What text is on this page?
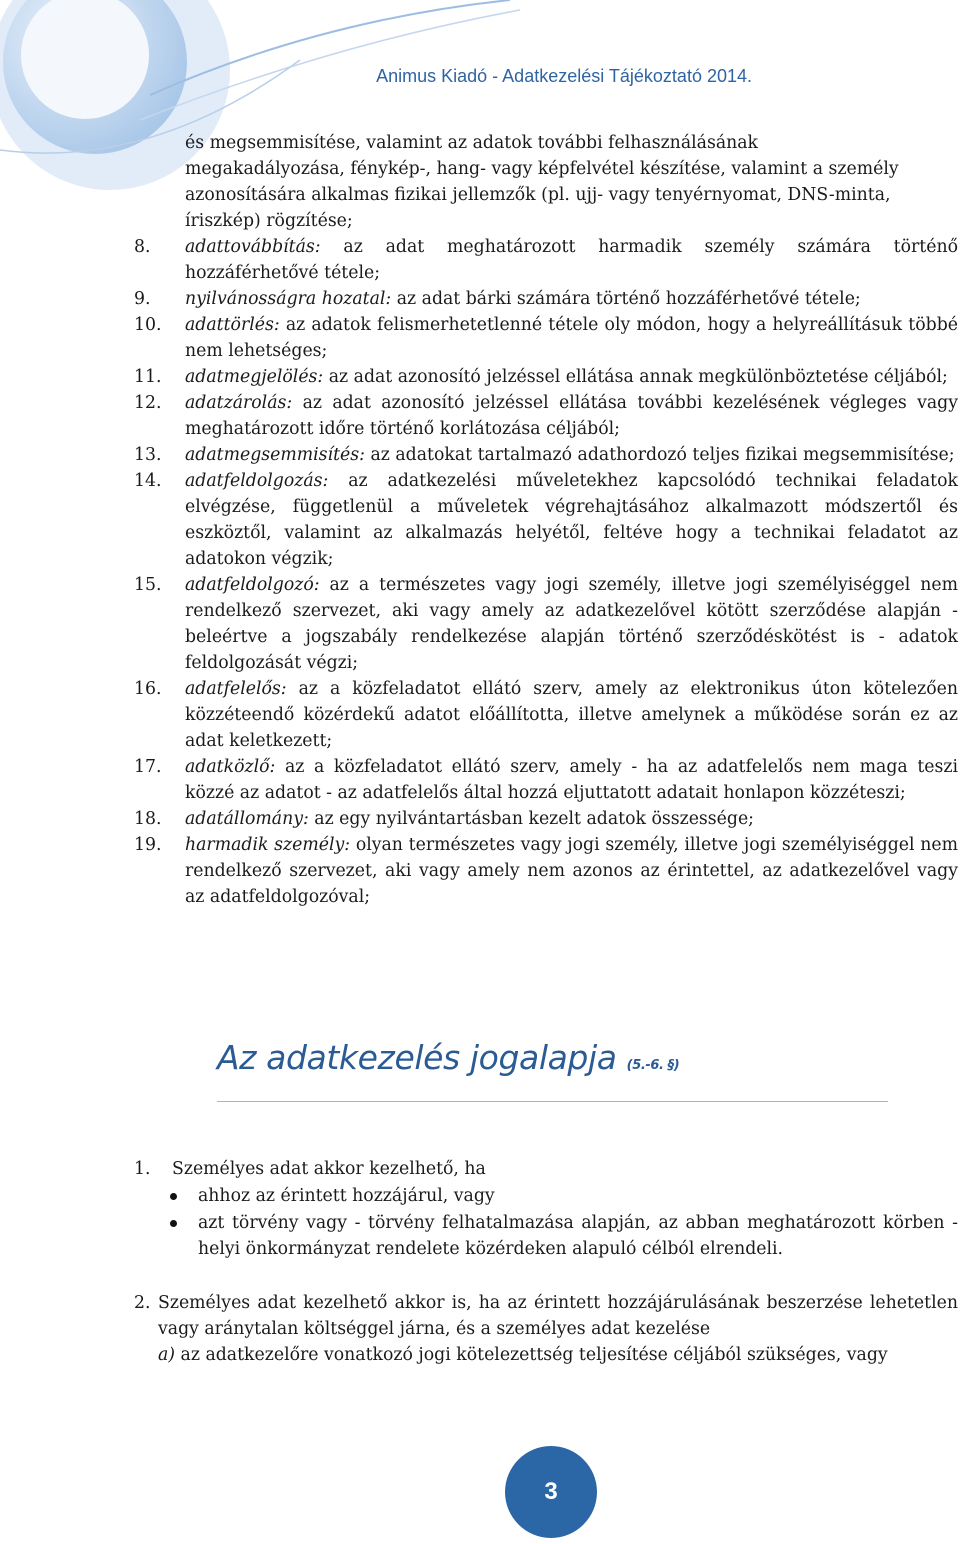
Animus Kiadó - Adatkezelési Tájékoztató 2014.
és megsemmisítése, valamint az adatok további felhasználásának
megakadályozása, fénykép-, hang- vagy képfelvétel készítése, valamint a személy
azonosítására alkalmas fizikai jellemzők (pl. ujj- vagy tenyérnyomat, DNS-minta,
íriszkép) rögzítése;
8. adattovábbítás: az adat meghatározott harmadik személy számára történő hozzáférhetővé tétele;
9. nyilvánosságra hozatal: az adat bárki számára történő hozzáférhetővé tétele;
10. adattörlés: az adatok felismerhetetlenné tétele oly módon, hogy a helyreállításuk többé nem lehetséges;
11. adatmegjelölés: az adat azonosító jelzéssel ellátása annak megkülönböztetése céljából;
12. adatzárolás: az adat azonosító jelzéssel ellátása további kezelésének végleges vagy meghatározott időre történő korlátozása céljából;
13. adatmegsemmisítés: az adatokat tartalmazó adathordozó teljes fizikai megsemmisítése;
14. adatfeldolgozás: az adatkezelési műveletekhez kapcsolódó technikai feladatok elvégzése, függetlenül a műveletek végrehajtásához alkalmazott módszertől és eszköztől, valamint az alkalmazás helyétől, feltéve hogy a technikai feladatot az adatokon végzik;
15. adatfeldolgozó: az a természetes vagy jogi személy, illetve jogi személyiséggel nem rendelkező szervezet, aki vagy amely az adatkezelővel kötött szerződése alapján - beleértve a jogszabály rendelkezése alapján történő szerződéskötést is - adatok feldolgozását végzi;
16. adatfelelős: az a közfeladatot ellátó szerv, amely az elektronikus úton kötelezően közzéteendő közérdekű adatot előállította, illetve amelynek a működése során ez az adat keletkezett;
17. adatközlő: az a közfeladatot ellátó szerv, amely - ha az adatfelelős nem maga teszi közzé az adatot - az adatfelelős által hozzá eljuttatott adatait honlapon közzéteszi;
18. adatállomány: az egy nyilvántartásban kezelt adatok összessége;
19. harmadik személy: olyan természetes vagy jogi személy, illetve jogi személyiséggel nem rendelkező szervezet, aki vagy amely nem azonos az érintettel, az adatkezelővel vagy az adatfeldolgozóval;
Az adatkezelés jogalapja (5.-6. §)
1. Személyes adat akkor kezelhető, ha
ahhoz az érintett hozzájárul, vagy
azt törvény vagy - törvény felhatalmazása alapján, az abban meghatározott körben - helyi önkormányzat rendelete közérdeken alapuló célból elrendeli.
2. Személyes adat kezelhető akkor is, ha az érintett hozzájárulásának beszerzése lehetetlen vagy aránytalan költséggel járna, és a személyes adat kezelése
a) az adatkezelőre vonatkozó jogi kötelezettség teljesítése céljából szükséges, vagy
3
